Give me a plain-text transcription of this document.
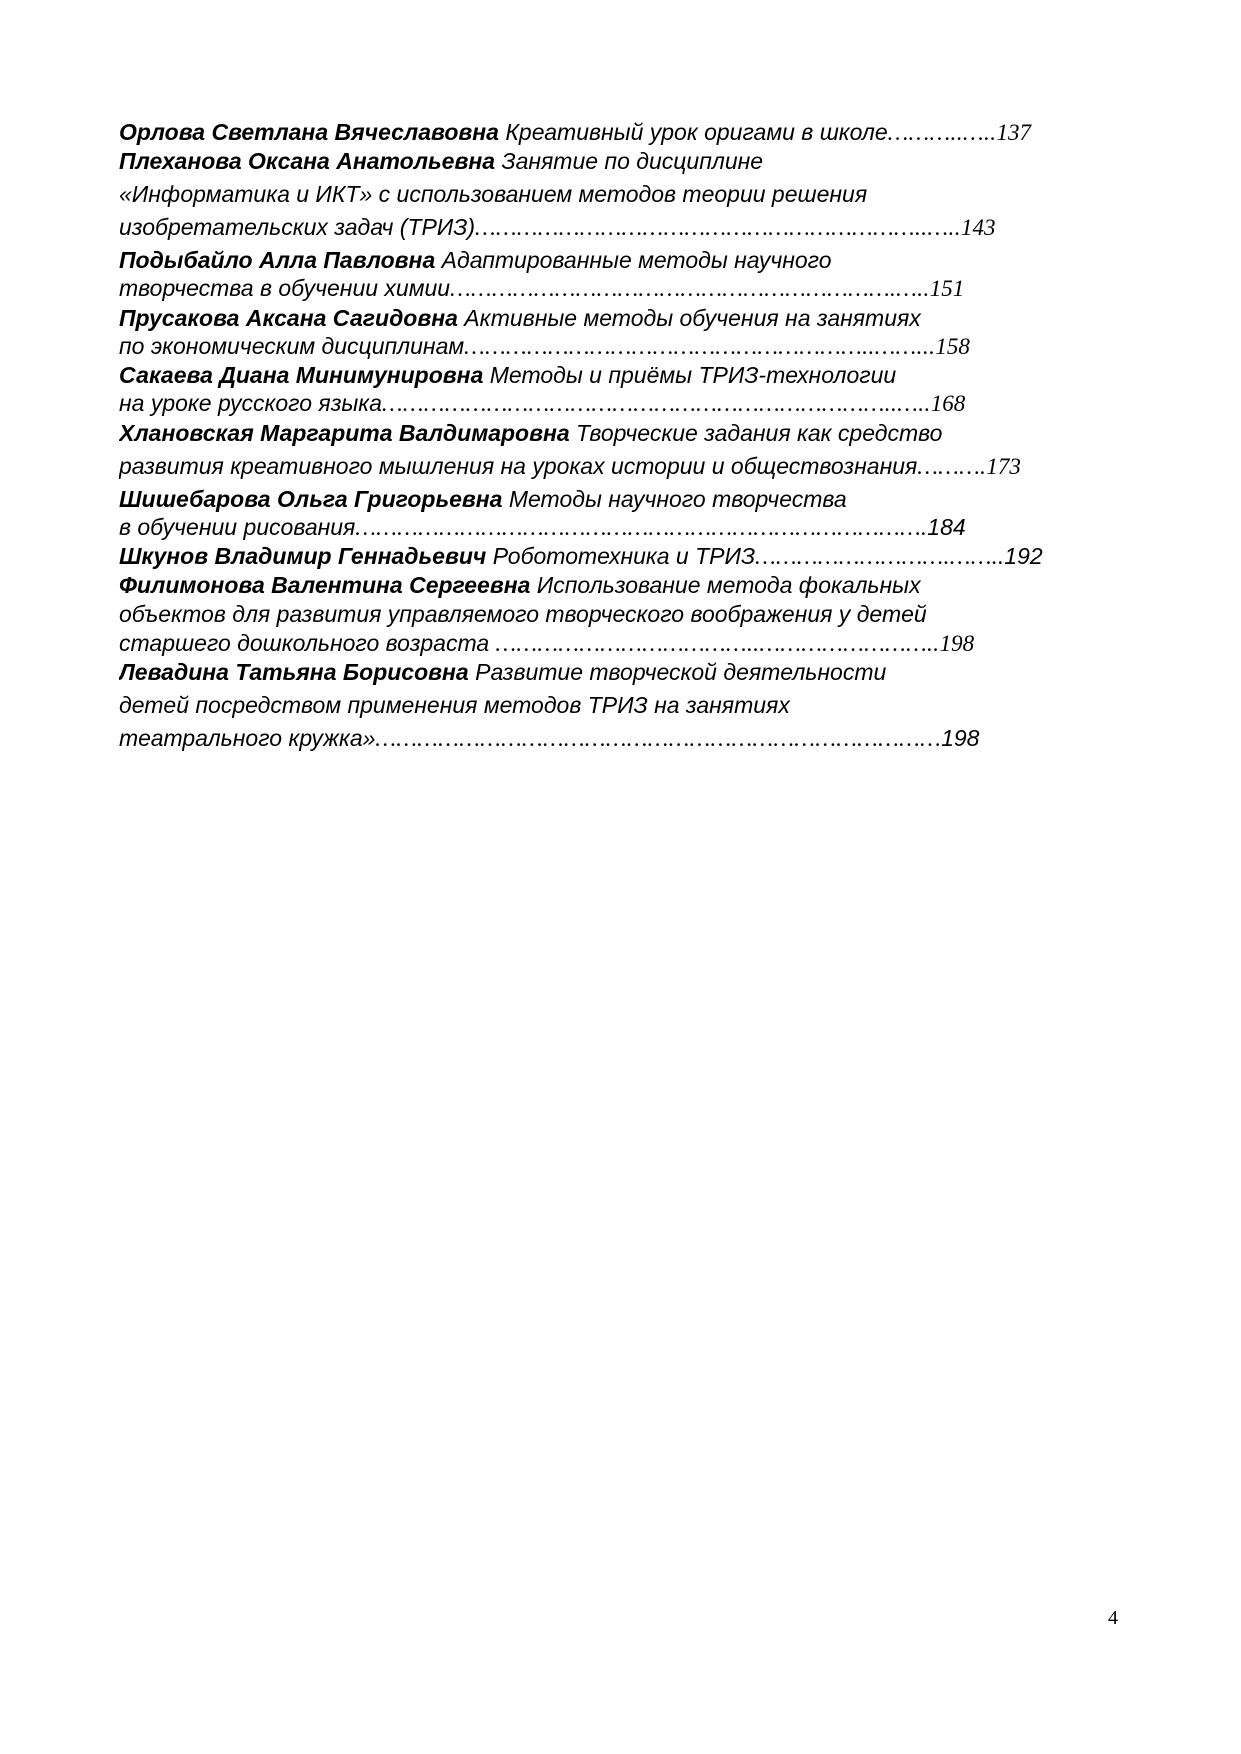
Орлова Светлана Вячеславовна Креативный урок оригами в школе………..…..137
Плеханова Оксана Анатольевна Занятие по дисциплине
«Информатика и ИКТ» с использованием методов теории решения
изобретательских задач (ТРИЗ)………………………………………………………..…..143
Подыбайло Алла Павловна Адаптированные методы научного
творчества в обучении химии……………………………………………………….…..151
Прусакова Аксана Сагидовна Активные методы обучения на занятиях
по экономическим дисциплинам…………………………………………………..……...158
Сакаева Диана Минимунировна Методы и приёмы ТРИЗ-технологии
на уроке русского языка………………………………………………………………..…..168
Хлановская Маргарита Валдимаровна Творческие задания как средство
развития креативного мышления на уроках истории и обществознания……….173
Шишебарова Ольга Григорьевна Методы научного творчества
в обучении рисования……………………………………………………………………….184
Шкунов Владимир Геннадьевич Робототехника и ТРИЗ……………………….……..192
Филимонова Валентина Сергеевна Использование метода фокальных
объектов для развития управляемого творческого воображения у детей
старшего дошкольного возраста ………………………………..……………………..198
Левадина Татьяна Борисовна Развитие творческой деятельности
детей посредством применения методов ТРИЗ на занятиях
театрального кружка»………………………………………………………………………198
4
